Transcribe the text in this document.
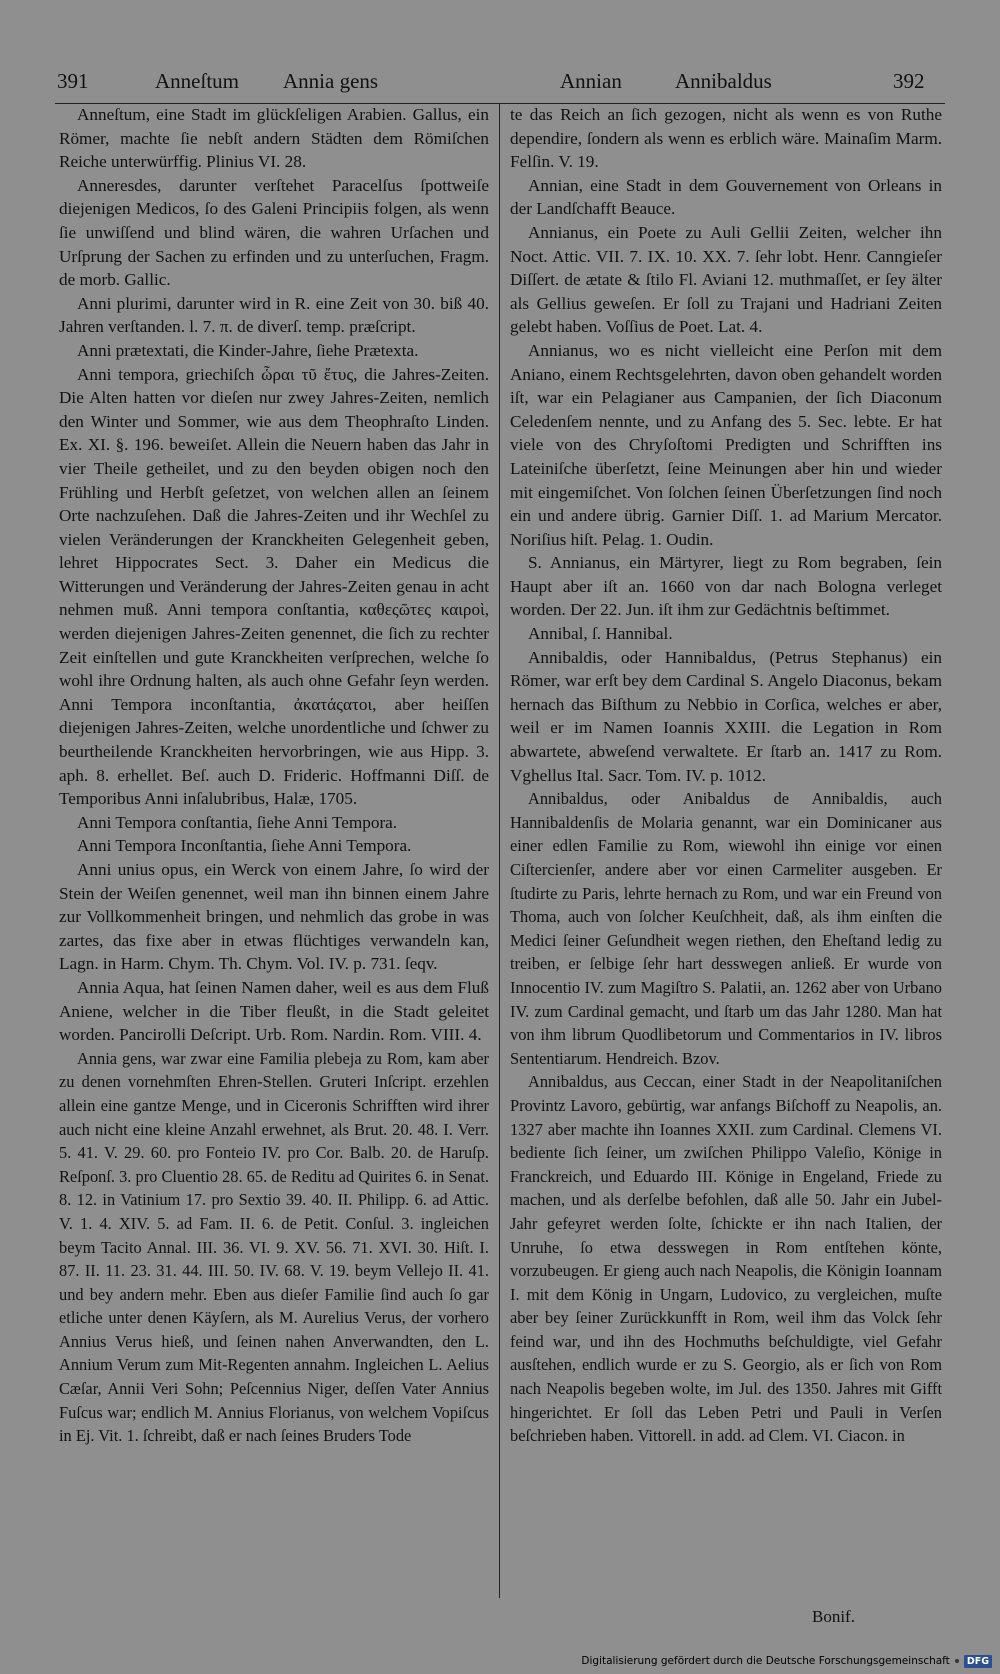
391	Anneſtum Annia gens	Annian	Annibaldus	392

Anneſtum, eine Stadt im glückſeligen Arabien. Gallus, ein Römer, machte ſie nebſt andern Städten dem Römiſchen Reiche unterwürffig. Plinius VI. 28.

Anneresdes, darunter verſtehet Paracelſus ſpottweiſe diejenigen Medicos, ſo des Galeni Principiis folgen, als wenn ſie unwiſſend und blind wären, die wahren Urſachen und Urſprung der Sachen zu erfinden und zu unterſuchen, Fragm. de morb. Gallic.

Anni plurimi, darunter wird in R. eine Zeit von 30. biß 40. Jahren verſtanden. l. 7. π. de diverſ. temp. præſcript.

Anni prætextati, die Kinder-Jahre, ſiehe Prætexta.

Anni tempora, griechiſch ὧραι τῦ ἔτυς, die Jahres-Zeiten. Die Alten hatten vor dieſen nur zwey Jahres-Zeiten, nemlich den Winter und Sommer, wie aus dem Theophraſto Linden. Ex. XI. §. 196. beweiſet. Allein die Neuern haben das Jahr in vier Theile getheilet, und zu den beyden obigen noch den Frühling und Herbſt geſetzet, von welchen allen an ſeinem Orte nachzuſehen. Daß die Jahres-Zeiten und ihr Wechſel zu vielen Veränderungen der Kranckheiten Gelegenheit geben, lehret Hippocrates Sect. 3. Daher ein Medicus die Witterungen und Veränderung der Jahres-Zeiten genau in acht nehmen muß. Anni tempora conſtantia, καθεςῶτες καιροὶ, werden diejenigen Jahres-Zeiten genennet, die ſich zu rechter Zeit einſtellen und gute Kranckheiten verſprechen, welche ſo wohl ihre Ordnung halten, als auch ohne Gefahr ſeyn werden. Anni Tempora inconſtantia, ἀκατάςατοι, aber heiſſen diejenigen Jahres-Zeiten, welche unordentliche und ſchwer zu beurtheilende Kranckheiten hervorbringen, wie aus Hipp. 3. aph. 8. erhellet. Beſ. auch D. Frideric. Hoffmanni Diſſ. de Temporibus Anni inſalubribus, Halæ, 1705.

Anni Tempora conſtantia, ſiehe Anni Tempora.

Anni Tempora Inconſtantia, ſiehe Anni Tempora.

Anni unius opus, ein Werck von einem Jahre, ſo wird der Stein der Weiſen genennet, weil man ihn binnen einem Jahre zur Vollkommenheit bringen, und nehmlich das grobe in was zartes, das fixe aber in etwas flüchtiges verwandeln kan, Lagn. in Harm. Chym. Th. Chym. Vol. IV. p. 731. ſeqv.

Annia Aqua, hat ſeinen Namen daher, weil es aus dem Fluß Aniene, welcher in die Tiber fleußt, in die Stadt geleitet worden. Pancirolli Deſcript. Urb. Rom. Nardin. Rom. VIII. 4.

Annia gens, war zwar eine Familia plebeja zu Rom, kam aber zu denen vornehmſten Ehren-Stellen. Gruteri Inſcript. erzehlen allein eine gantze Menge, und in Ciceronis Schrifften wird ihrer auch nicht eine kleine Anzahl erwehnet, als Brut. 20. 48. I. Verr. 5. 41. V. 29. 60. pro Fonteio IV. pro Cor. Balb. 20. de Haruſp. Reſponſ. 3. pro Cluentio 28. 65. de Reditu ad Quirites 6. in Senat. 8. 12. in Vatinium 17. pro Sextio 39. 40. II. Philipp. 6. ad Attic. V. 1. 4. XIV. 5. ad Fam. II. 6. de Petit. Conſul. 3. ingleichen beym Tacito Annal. III. 36. VI. 9. XV. 56. 71. XVI. 30. Hiſt. I. 87. II. 11. 23. 31. 44. III. 50. IV. 68. V. 19. beym Vellejo II. 41. und bey andern mehr. Eben aus dieſer Familie ſind auch ſo gar etliche unter denen Käyſern, als M. Aurelius Verus, der vorhero Annius Verus hieß, und ſeinen nahen Anverwandten, den L. Annium Verum zum Mit-Regenten annahm. Ingleichen L. Aelius Cæſar, Annii Veri Sohn; Peſcennius Niger, deſſen Vater Annius Fuſcus war; endlich M. Annius Florianus, von welchem Vopiſcus in Ej. Vit. 1. ſchreibt, daß er nach ſeines Bruders Tode

te das Reich an ſich gezogen, nicht als wenn es von Ruthe dependire, ſondern als wenn es erblich wäre. Mainaſim Marm. Felſin. V. 19.

Annian, eine Stadt in dem Gouvernement von Orleans in der Landſchafft Beauce.

Annianus, ein Poete zu Auli Gellii Zeiten, welcher ihn Noct. Attic. VII. 7. IX. 10. XX. 7. ſehr lobt. Henr. Canngieſer Diſſert. de ætate & ſtilo Fl. Aviani 12. muthmaſſet, er ſey älter als Gellius geweſen. Er ſoll zu Trajani und Hadriani Zeiten gelebt haben. Voſſius de Poet. Lat. 4.

Annianus, wo es nicht vielleicht eine Perſon mit dem Aniano, einem Rechtsgelehrten, davon oben gehandelt worden iſt, war ein Pelagianer aus Campanien, der ſich Diaconum Celedenſem nennte, und zu Anfang des 5. Sec. lebte. Er hat viele von des Chryſoſtomi Predigten und Schrifften ins Lateiniſche überſetzt, ſeine Meinungen aber hin und wieder mit eingemiſchet. Von ſolchen ſeinen Überſetzungen ſind noch ein und andere übrig. Garnier Diſſ. 1. ad Marium Mercator. Noriſius hiſt. Pelag. 1. Oudin.

S. Annianus, ein Märtyrer, liegt zu Rom begraben, ſein Haupt aber iſt an. 1660 von dar nach Bologna verleget worden. Der 22. Jun. iſt ihm zur Gedächtnis beſtimmet.

Annibal, ſ. Hannibal.

Annibaldis, oder Hannibaldus, (Petrus Stephanus) ein Römer, war erſt bey dem Cardinal S. Angelo Diaconus, bekam hernach das Biſthum zu Nebbio in Corſica, welches er aber, weil er im Namen Ioannis XXIII. die Legation in Rom abwartete, abweſend verwaltete. Er ſtarb an. 1417 zu Rom. Vghellus Ital. Sacr. Tom. IV. p. 1012.

Annibaldus, oder Anibaldus de Annibaldis, auch Hannibaldenſis de Molaria genannt, war ein Dominicaner aus einer edlen Familie zu Rom, wiewohl ihn einige vor einen Ciſtercienſer, andere aber vor einen Carmeliter ausgeben. Er ſtudirte zu Paris, lehrte hernach zu Rom, und war ein Freund von Thoma, auch von ſolcher Keuſchheit, daß, als ihm einſten die Medici ſeiner Geſundheit wegen riethen, den Eheſtand ledig zu treiben, er ſelbige ſehr hart desswegen anließ. Er wurde von Innocentio IV. zum Magiſtro S. Palatii, an. 1262 aber von Urbano IV. zum Cardinal gemacht, und ſtarb um das Jahr 1280. Man hat von ihm librum Quodlibetorum und Commentarios in IV. libros Sententiarum. Hendreich. Bzov.

Annibaldus, aus Ceccan, einer Stadt in der Neapolitaniſchen Provintz Lavoro, gebürtig, war anfangs Biſchoff zu Neapolis, an. 1327 aber machte ihn Ioannes XXII. zum Cardinal. Clemens VI. bediente ſich ſeiner, um zwiſchen Philippo Valeſio, Könige in Franckreich, und Eduardo III. Könige in Engeland, Friede zu machen, und als derſelbe befohlen, daß alle 50. Jahr ein Jubel-Jahr gefeyret werden ſolte, ſchickte er ihn nach Italien, der Unruhe, ſo etwa desswegen in Rom entſtehen könte, vorzubeugen. Er gieng auch nach Neapolis, die Königin Ioannam I. mit dem König in Ungarn, Ludovico, zu vergleichen, muſte aber bey ſeiner Zurückkunfft in Rom, weil ihm das Volck ſehr feind war, und ihn des Hochmuths beſchuldigte, viel Gefahr ausſtehen, endlich wurde er zu S. Georgio, als er ſich von Rom nach Neapolis begeben wolte, im Jul. des 1350. Jahres mit Gifft hingerichtet. Er ſoll das Leben Petri und Pauli in Verſen beſchrieben haben. Vittorell. in add. ad Clem. VI. Ciacon. in

Bonif.
Digitalisierung gefördert durch die Deutsche Forschungsgemeinschaft	DFG
